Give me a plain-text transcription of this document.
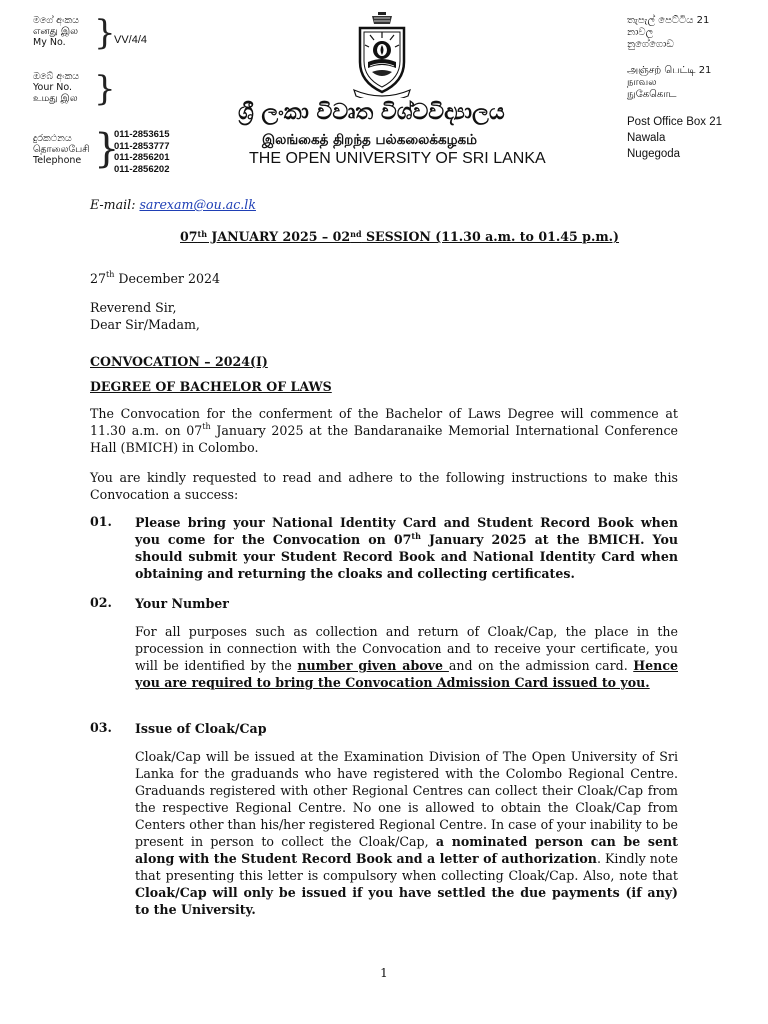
මගේ අංකය
எனது இல
My No. }
VV/4/4
ඔබේ අංකය
Your No.
உமது இல }
දුරකථනය
தொலைபேசி
Telephone }
011-2853615
011-2853777
011-2856201
011-2856202
ශ්‍රී ලංකා විවෘත විශ්වවිද්‍යාලය
இலங்கைத் திறந்த பல்கலைக்கழகம்
THE OPEN UNIVERSITY OF SRI LANKA
තැපැල් පෙට්ටිය 21
නාවල
නුගේගොඩ
அஞ்சற் பெட்டி 21
நாவல
நுகேகொட
Post Office Box 21
Nawala
Nugegoda
E-mail: sarexam@ou.ac.lk
07th JANUARY 2025 – 02nd SESSION (11.30 a.m. to 01.45 p.m.)
27th December 2024
Reverend Sir,
Dear Sir/Madam,
CONVOCATION – 2024(I)
DEGREE OF BACHELOR OF LAWS
The Convocation for the conferment of the Bachelor of Laws Degree will commence at 11.30 a.m. on 07th January 2025 at the Bandaranaike Memorial International Conference Hall (BMICH) in Colombo.
You are kindly requested to read and adhere to the following instructions to make this Convocation a success:
01. Please bring your National Identity Card and Student Record Book when you come for the Convocation on 07th January 2025 at the BMICH. You should submit your Student Record Book and National Identity Card when obtaining and returning the cloaks and collecting certificates.
02. Your Number
For all purposes such as collection and return of Cloak/Cap, the place in the procession in connection with the Convocation and to receive your certificate, you will be identified by the number given above and on the admission card. Hence you are required to bring the Convocation Admission Card issued to you.
03. Issue of Cloak/Cap
Cloak/Cap will be issued at the Examination Division of The Open University of Sri Lanka for the graduands who have registered with the Colombo Regional Centre. Graduands registered with other Regional Centres can collect their Cloak/Cap from the respective Regional Centre. No one is allowed to obtain the Cloak/Cap from Centers other than his/her registered Regional Centre. In case of your inability to be present in person to collect the Cloak/Cap, a nominated person can be sent along with the Student Record Book and a letter of authorization. Kindly note that presenting this letter is compulsory when collecting Cloak/Cap. Also, note that Cloak/Cap will only be issued if you have settled the due payments (if any) to the University.
1
